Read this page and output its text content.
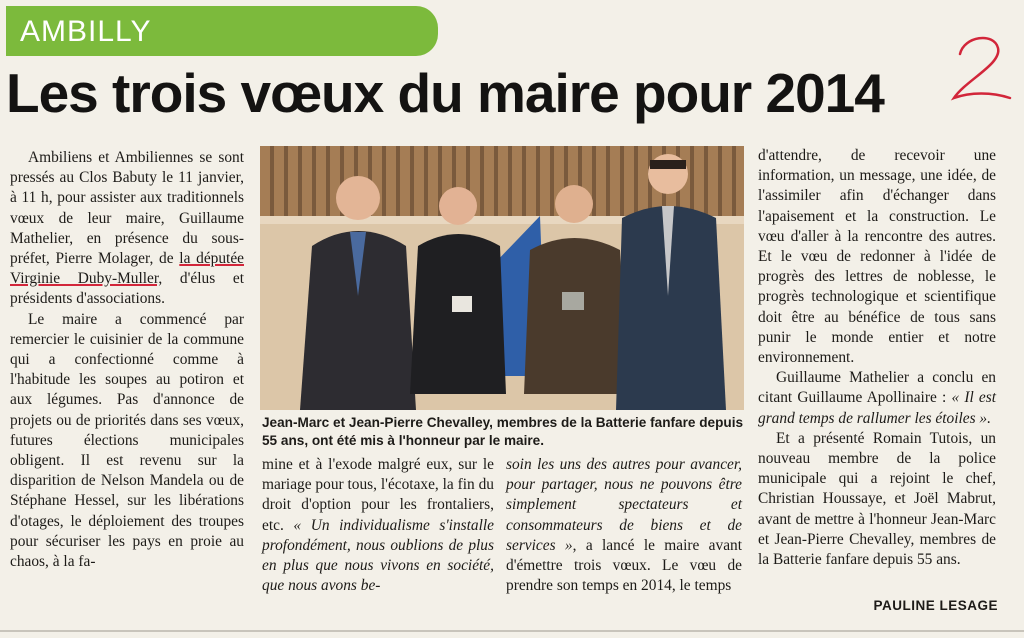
AMBILLY
Les trois vœux du maire pour 2014

Ambiliens et Ambiliennes se sont pressés au Clos Babuty le 11 janvier, à 11 h, pour assister aux traditionnels vœux de leur maire, Guillaume Mathelier, en présence du sous-préfet, Pierre Molager, de la députée Virginie Duby-Muller, d'élus et présidents d'associations.

Le maire a commencé par remercier le cuisinier de la commune qui a confectionné comme à l'habitude les soupes au potiron et aux légumes. Pas d'annonce de projets ou de priorités dans ses vœux, futures élections municipales obligent. Il est revenu sur la disparition de Nelson Mandela ou de Stéphane Hessel, sur les libérations d'otages, le déploiement des troupes pour sécuriser les pays en proie au chaos, à la fa-

Jean-Marc et Jean-Pierre Chevalley, membres de la Batterie fanfare depuis 55 ans, ont été mis à l'honneur par le maire.

mine et à l'exode malgré eux, sur le mariage pour tous, l'écotaxe, la fin du droit d'option pour les frontaliers, etc. « Un individualisme s'installe profondément, nous oublions de plus en plus que nous vivons en société, que nous avons be-

soin les uns des autres pour avancer, pour partager, nous ne pouvons être simplement spectateurs et consommateurs de biens et de services », a lancé le maire avant d'émettre trois vœux. Le vœu de prendre son temps en 2014, le temps

d'attendre, de recevoir une information, un message, une idée, de l'assimiler afin d'échanger dans l'apaisement et la construction. Le vœu d'aller à la rencontre des autres. Et le vœu de redonner à l'idée de progrès des lettres de noblesse, le progrès technologique et scientifique doit être au bénéfice de tous sans punir le monde entier et notre environnement.

Guillaume Mathelier a conclu en citant Guillaume Apollinaire : « Il est grand temps de rallumer les étoiles ».

Et a présenté Romain Tutois, un nouveau membre de la police municipale qui a rejoint le chef, Christian Houssaye, et Joël Mabrut, avant de mettre à l'honneur Jean-Marc et Jean-Pierre Chevalley, membres de la Batterie fanfare depuis 55 ans.

PAULINE LESAGE
